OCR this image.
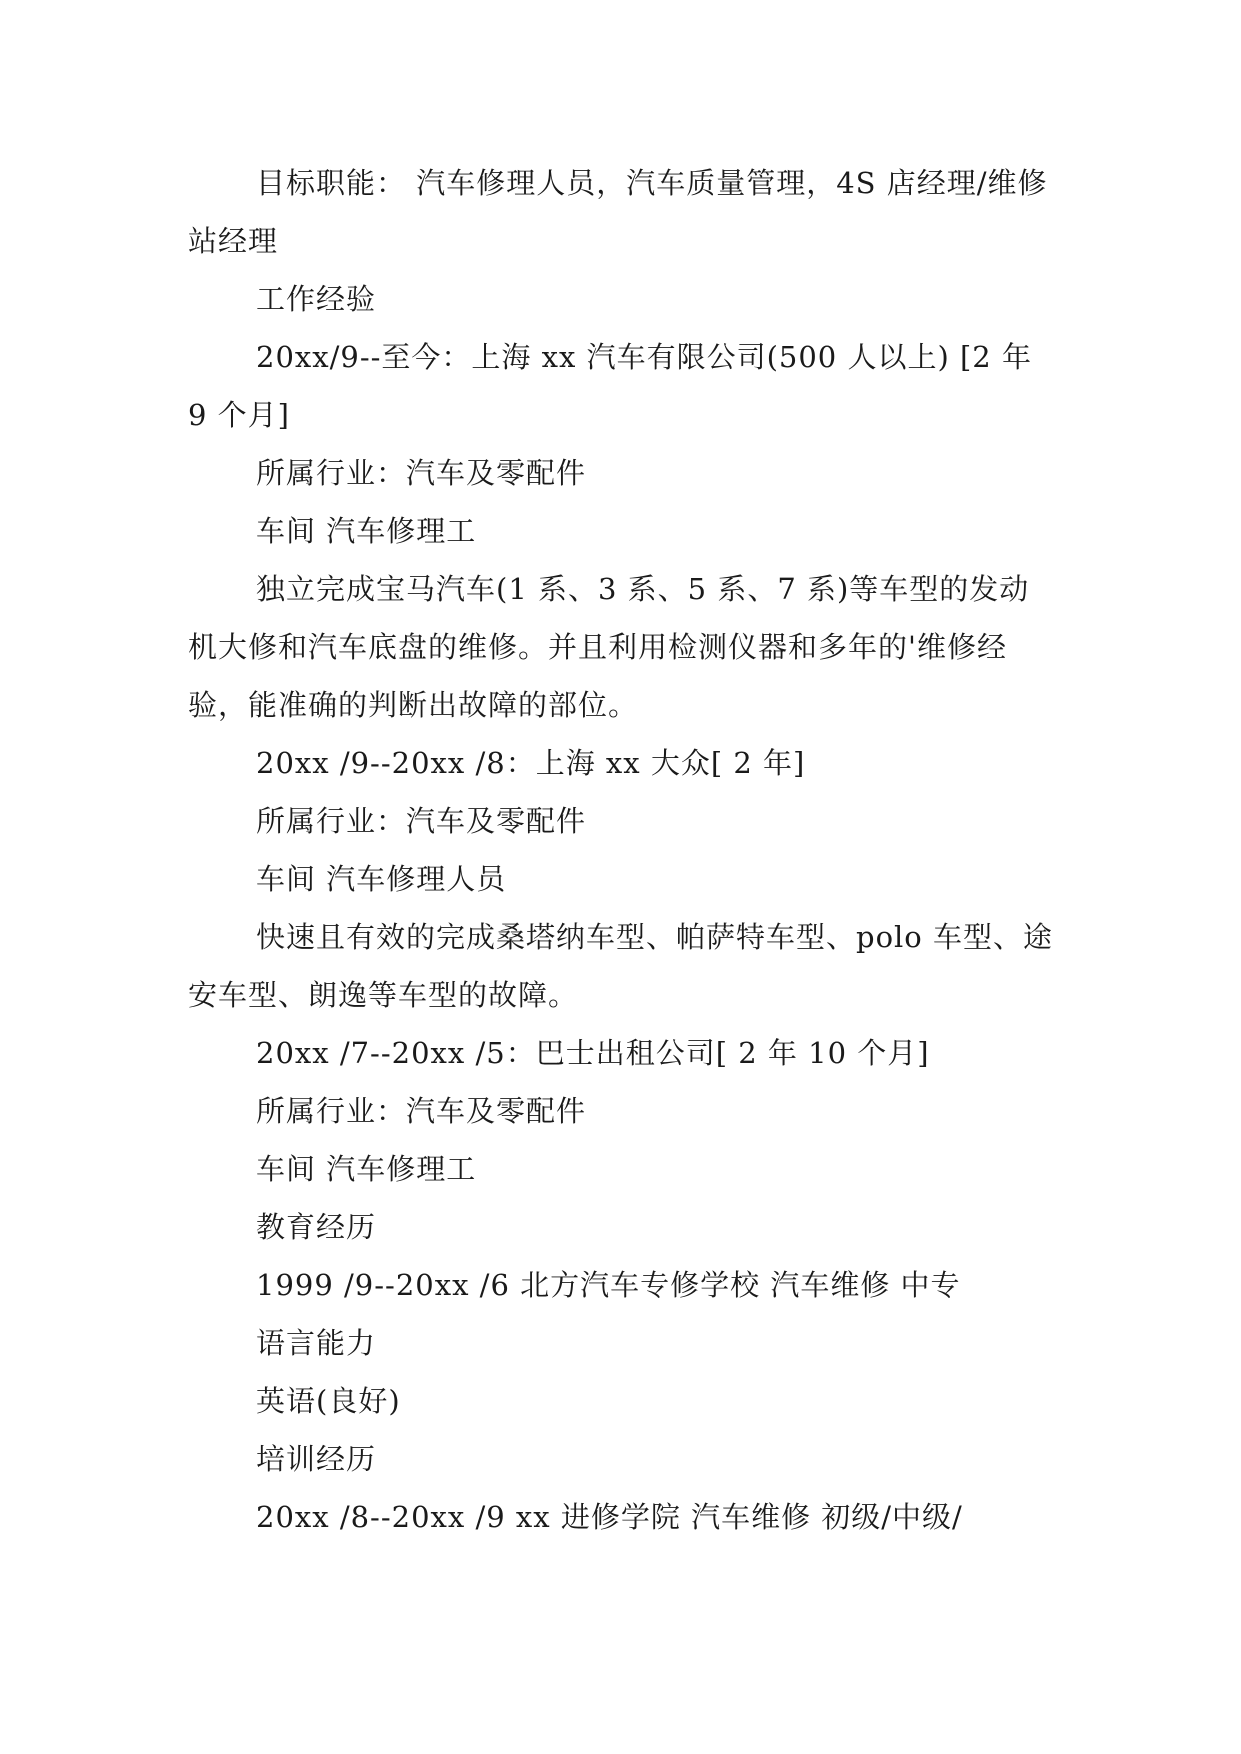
目标职能： 汽车修理人员，汽车质量管理，4S 店经理/维修站经理

工作经验

20xx/9--至今：上海 xx 汽车有限公司(500 人以上) [2 年 9 个月]

所属行业：汽车及零配件

车间 汽车修理工

独立完成宝马汽车(1 系、3 系、5 系、7 系)等车型的发动机大修和汽车底盘的维修。并且利用检测仪器和多年的'维修经验，能准确的判断出故障的部位。

20xx /9--20xx /8：上海 xx 大众[ 2 年]

所属行业：汽车及零配件

车间 汽车修理人员

快速且有效的完成桑塔纳车型、帕萨特车型、polo 车型、途安车型、朗逸等车型的故障。

20xx /7--20xx /5：巴士出租公司[ 2 年 10 个月]

所属行业：汽车及零配件

车间 汽车修理工

教育经历

1999 /9--20xx /6 北方汽车专修学校 汽车维修 中专

语言能力

英语(良好)

培训经历

20xx /8--20xx /9 xx 进修学院 汽车维修 初级/中级/
